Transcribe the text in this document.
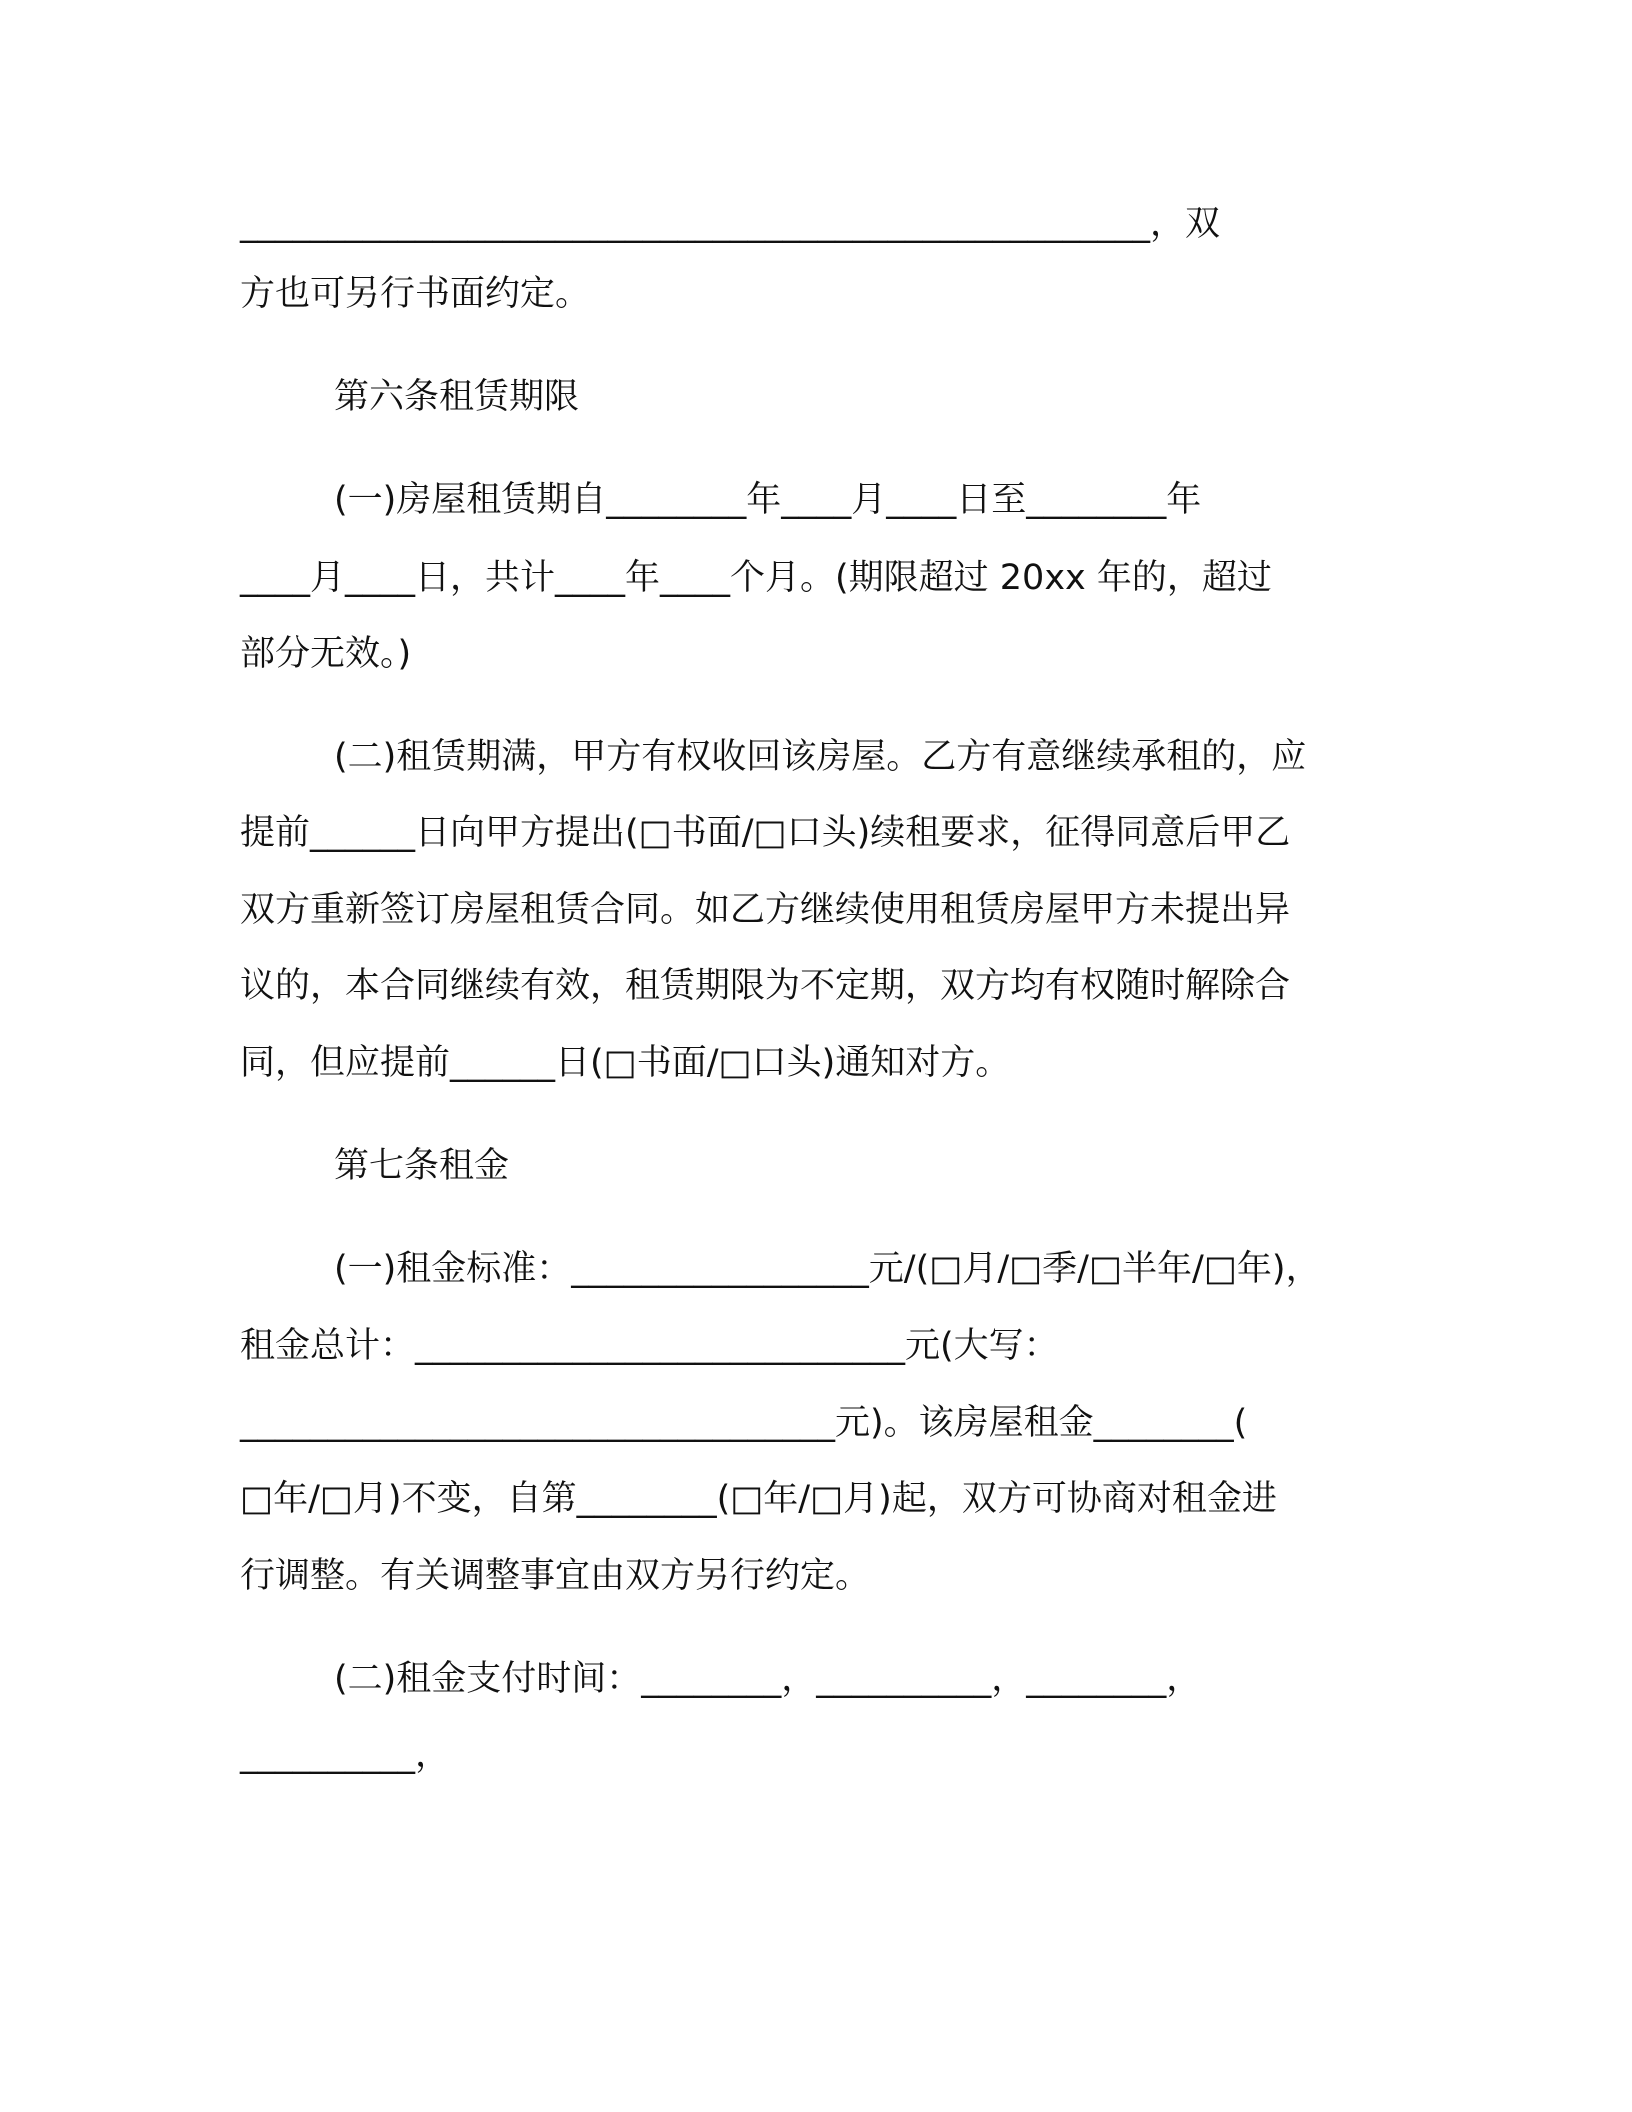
____________________________________________________，双
方也可另行书面约定。
第六条租赁期限
(一)房屋租赁期自________年____月____日至________年
____月____日，共计____年____个月。(期限超过 20xx 年的，超过
部分无效。)
(二)租赁期满，甲方有权收回该房屋。乙方有意继续承租的，应
提前______日向甲方提出(□书面/□口头)续租要求，征得同意后甲乙
双方重新签订房屋租赁合同。如乙方继续使用租赁房屋甲方未提出异
议的，本合同继续有效，租赁期限为不定期，双方均有权随时解除合
同，但应提前______日(□书面/□口头)通知对方。
第七条租金
(一)租金标准：_________________元/(□月/□季/□半年/□年)，
租金总计：____________________________元(大写：
__________________________________元)。该房屋租金________(
□年/□月)不变，自第________(□年/□月)起，双方可协商对租金进
行调整。有关调整事宜由双方另行约定。
(二)租金支付时间：________，__________，________，
__________，
